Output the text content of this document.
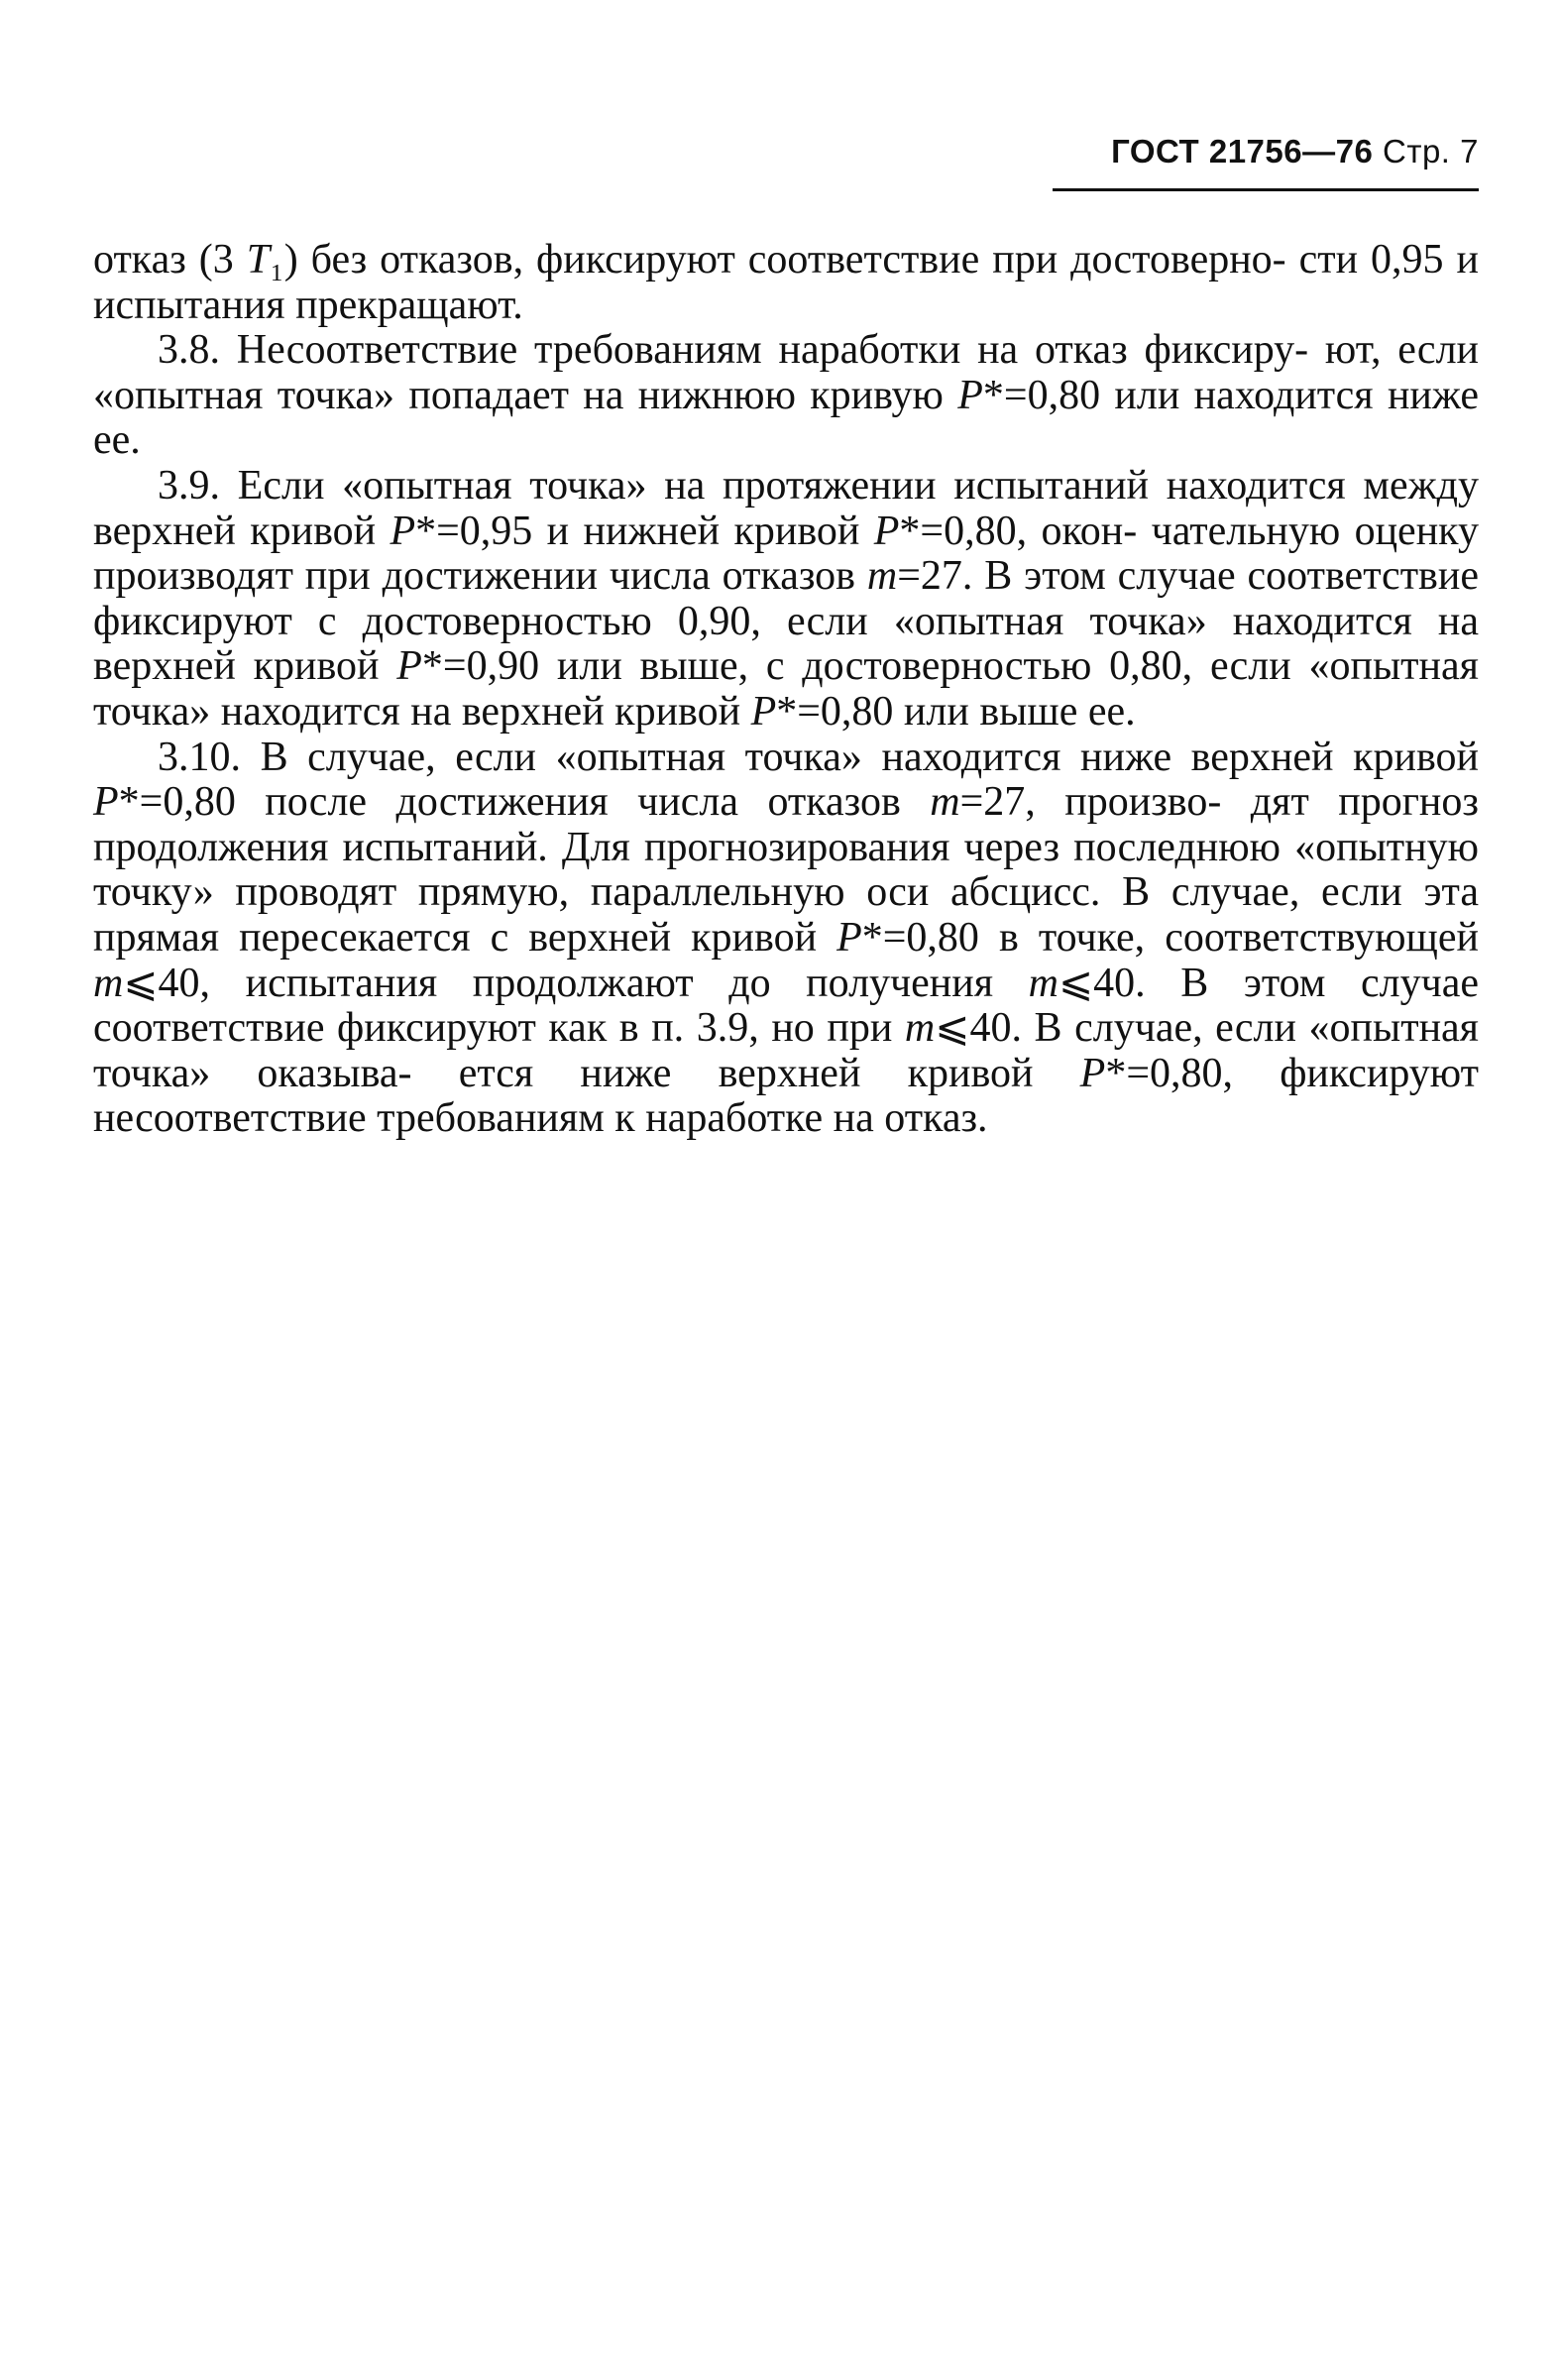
ГОСТ 21756—76 Стр. 7

отказ (3 T₁) без отказов, фиксируют соответствие при достоверно- сти 0,95 и испытания прекращают.

3.8. Несоответствие требованиям наработки на отказ фиксиру- ют, если «опытная точка» попадает на нижнюю кривую P*=0,80 или находится ниже ее.

3.9. Если «опытная точка» на протяжении испытаний находится между верхней кривой P*=0,95 и нижней кривой P*=0,80, окон- чательную оценку производят при достижении числа отказов m=27. В этом случае соответствие фиксируют с достоверностью 0,90, если «опытная точка» находится на верхней кривой P*=0,90 или выше, с достоверностью 0,80, если «опытная точка» находится на верхней кривой P*=0,80 или выше ее.

3.10. В случае, если «опытная точка» находится ниже верхней кривой P*=0,80 после достижения числа отказов m=27, произво- дят прогноз продолжения испытаний. Для прогнозирования через последнюю «опытную точку» проводят прямую, параллельную оси абсцисс. В случае, если эта прямая пересекается с верхней кривой P*=0,80 в точке, соответствующей m⩽40, испытания продолжают до получения m⩽40. В этом случае соответствие фиксируют как в п. 3.9, но при m⩽40. В случае, если «опытная точка» оказыва- ется ниже верхней кривой P*=0,80, фиксируют несоответствие требованиям к наработке на отказ.
